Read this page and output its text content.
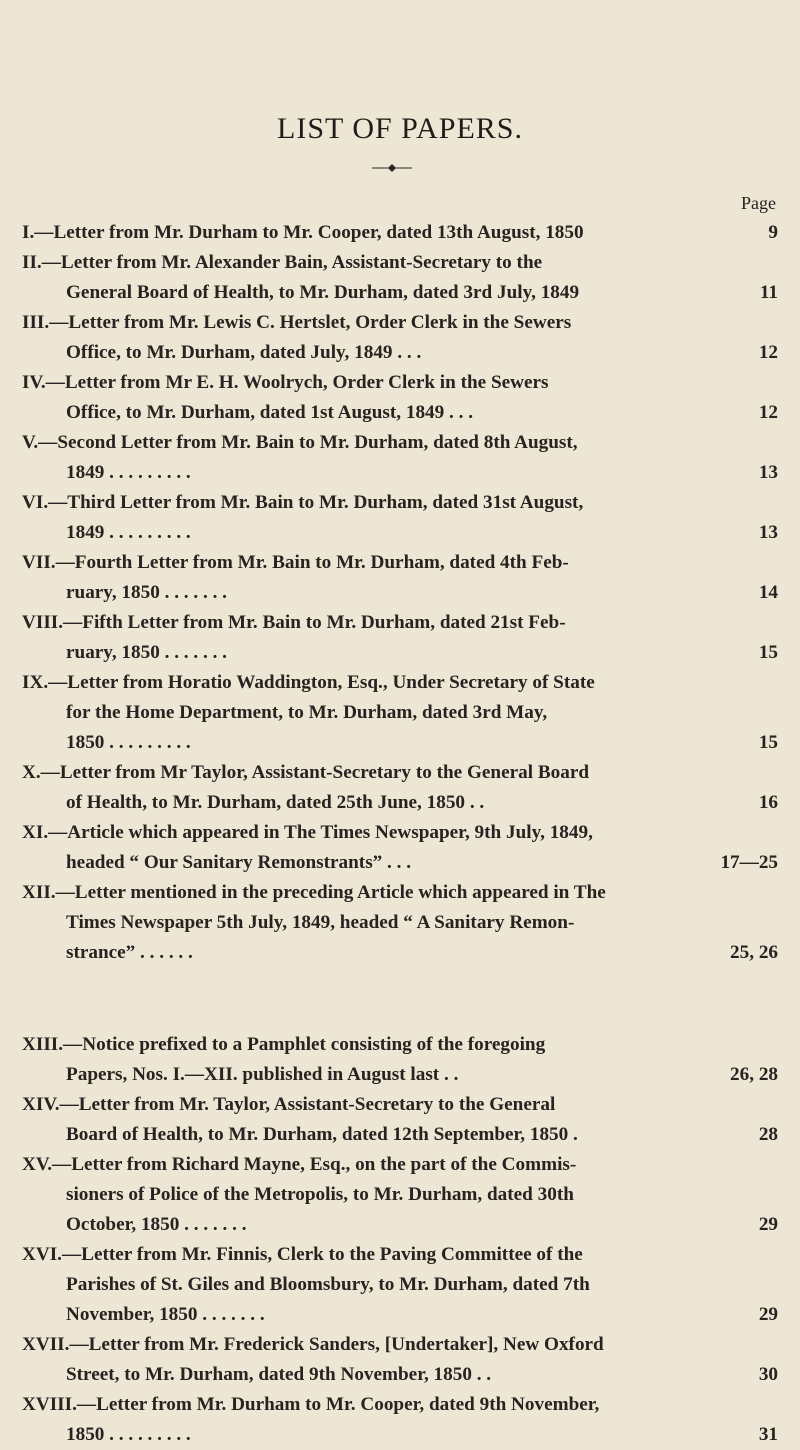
LIST OF PAPERS.
Page
I.—Letter from Mr. Durham to Mr. Cooper, dated 13th August, 1850	9
II.—Letter from Mr. Alexander Bain, Assistant-Secretary to the
General Board of Health, to Mr. Durham, dated 3rd July, 1849	11
III.—Letter from Mr. Lewis C. Hertslet, Order Clerk in the Sewers
Office, to Mr. Durham, dated July, 1849 . . .	12
IV.—Letter from Mr E. H. Woolrych, Order Clerk in the Sewers
Office, to Mr. Durham, dated 1st August, 1849 . . .	12
V.—Second Letter from Mr. Bain to Mr. Durham, dated 8th August,
1849 . . . . . . . . .	13
VI.—Third Letter from Mr. Bain to Mr. Durham, dated 31st August,
1849 . . . . . . . . .	13
VII.—Fourth Letter from Mr. Bain to Mr. Durham, dated 4th Feb-
ruary, 1850 . . . . . . .	14
VIII.—Fifth Letter from Mr. Bain to Mr. Durham, dated 21st Feb-
ruary, 1850 . . . . . . .	15
IX.—Letter from Horatio Waddington, Esq., Under Secretary of State
for the Home Department, to Mr. Durham, dated 3rd May,
1850 . . . . . . . . .	15
X.—Letter from Mr Taylor, Assistant-Secretary to the General Board
of Health, to Mr. Durham, dated 25th June, 1850 . .	16
XI.—Article which appeared in The Times Newspaper, 9th July, 1849,
headed “ Our Sanitary Remonstrants” . . .	17—25
XII.—Letter mentioned in the preceding Article which appeared in The
Times Newspaper 5th July, 1849, headed “ A Sanitary Remon-
strance” . . . . . .	25, 26
XIII.—Notice prefixed to a Pamphlet consisting of the foregoing
Papers, Nos. I.—XII. published in August last . .	26, 28
XIV.—Letter from Mr. Taylor, Assistant-Secretary to the General
Board of Health, to Mr. Durham, dated 12th September, 1850 .	28
XV.—Letter from Richard Mayne, Esq., on the part of the Commis-
sioners of Police of the Metropolis, to Mr. Durham, dated 30th
October, 1850 . . . . . . .	29
XVI.—Letter from Mr. Finnis, Clerk to the Paving Committee of the
Parishes of St. Giles and Bloomsbury, to Mr. Durham, dated 7th
November, 1850 . . . . . . .	29
XVII.—Letter from Mr. Frederick Sanders, [Undertaker], New Oxford
Street, to Mr. Durham, dated 9th November, 1850 . .	30
XVIII.—Letter from Mr. Durham to Mr. Cooper, dated 9th November,
1850 . . . . . . . . .	31
